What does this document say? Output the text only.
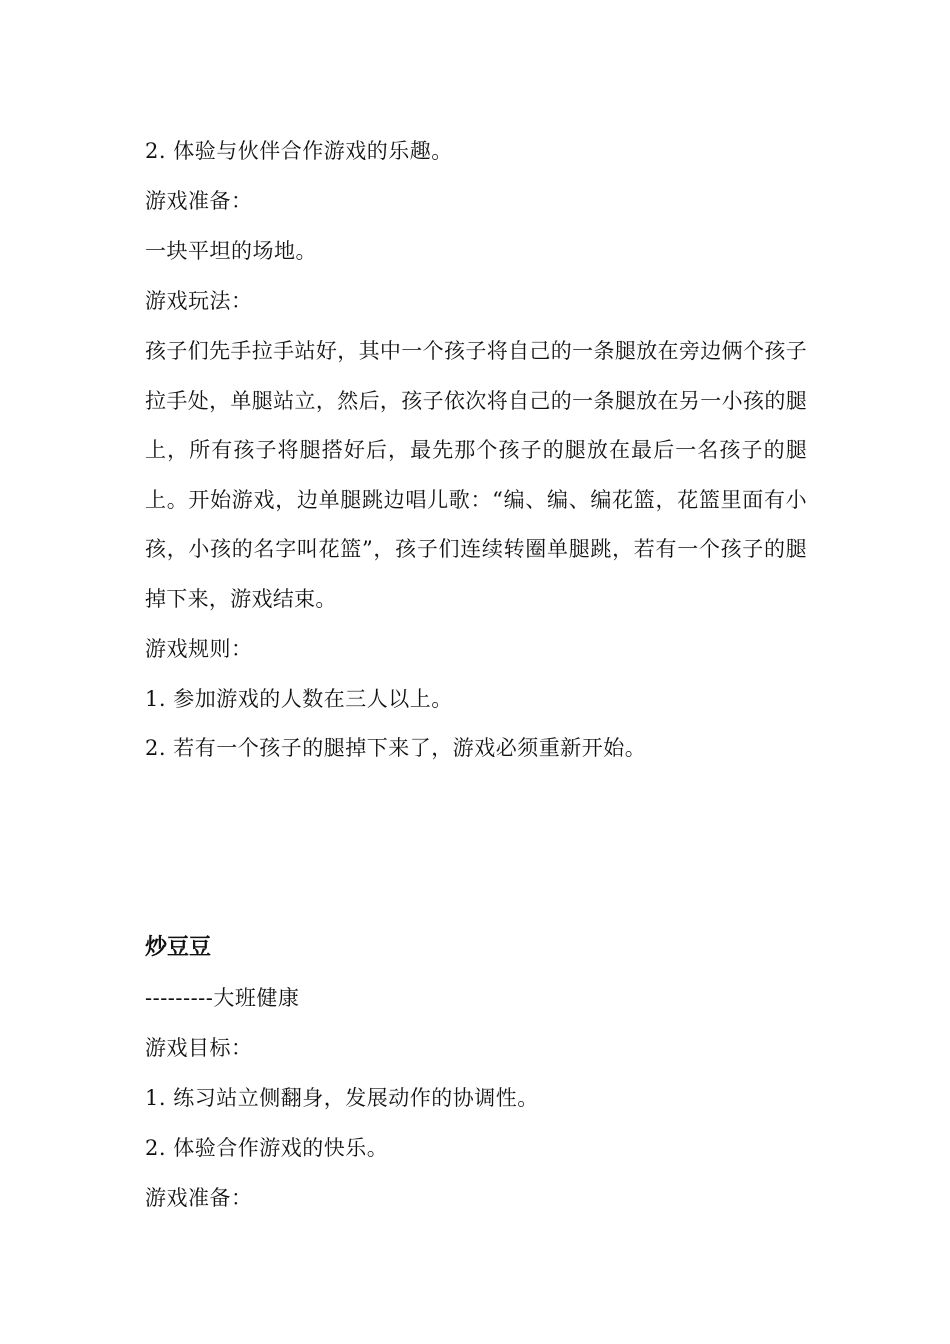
2. 体验与伙伴合作游戏的乐趣。
游戏准备：
一块平坦的场地。
游戏玩法：
孩子们先手拉手站好，其中一个孩子将自己的一条腿放在旁边俩个孩子拉手处，单腿站立，然后，孩子依次将自己的一条腿放在另一小孩的腿上，所有孩子将腿搭好后，最先那个孩子的腿放在最后一名孩子的腿上。开始游戏，边单腿跳边唱儿歌：“编、编、编花篮，花篮里面有小孩，小孩的名字叫花篮”，孩子们连续转圈单腿跳，若有一个孩子的腿掉下来，游戏结束。
游戏规则：
1. 参加游戏的人数在三人以上。
2. 若有一个孩子的腿掉下来了，游戏必须重新开始。
炒豆豆
---------大班健康
游戏目标：
1. 练习站立侧翻身，发展动作的协调性。
2. 体验合作游戏的快乐。
游戏准备：
